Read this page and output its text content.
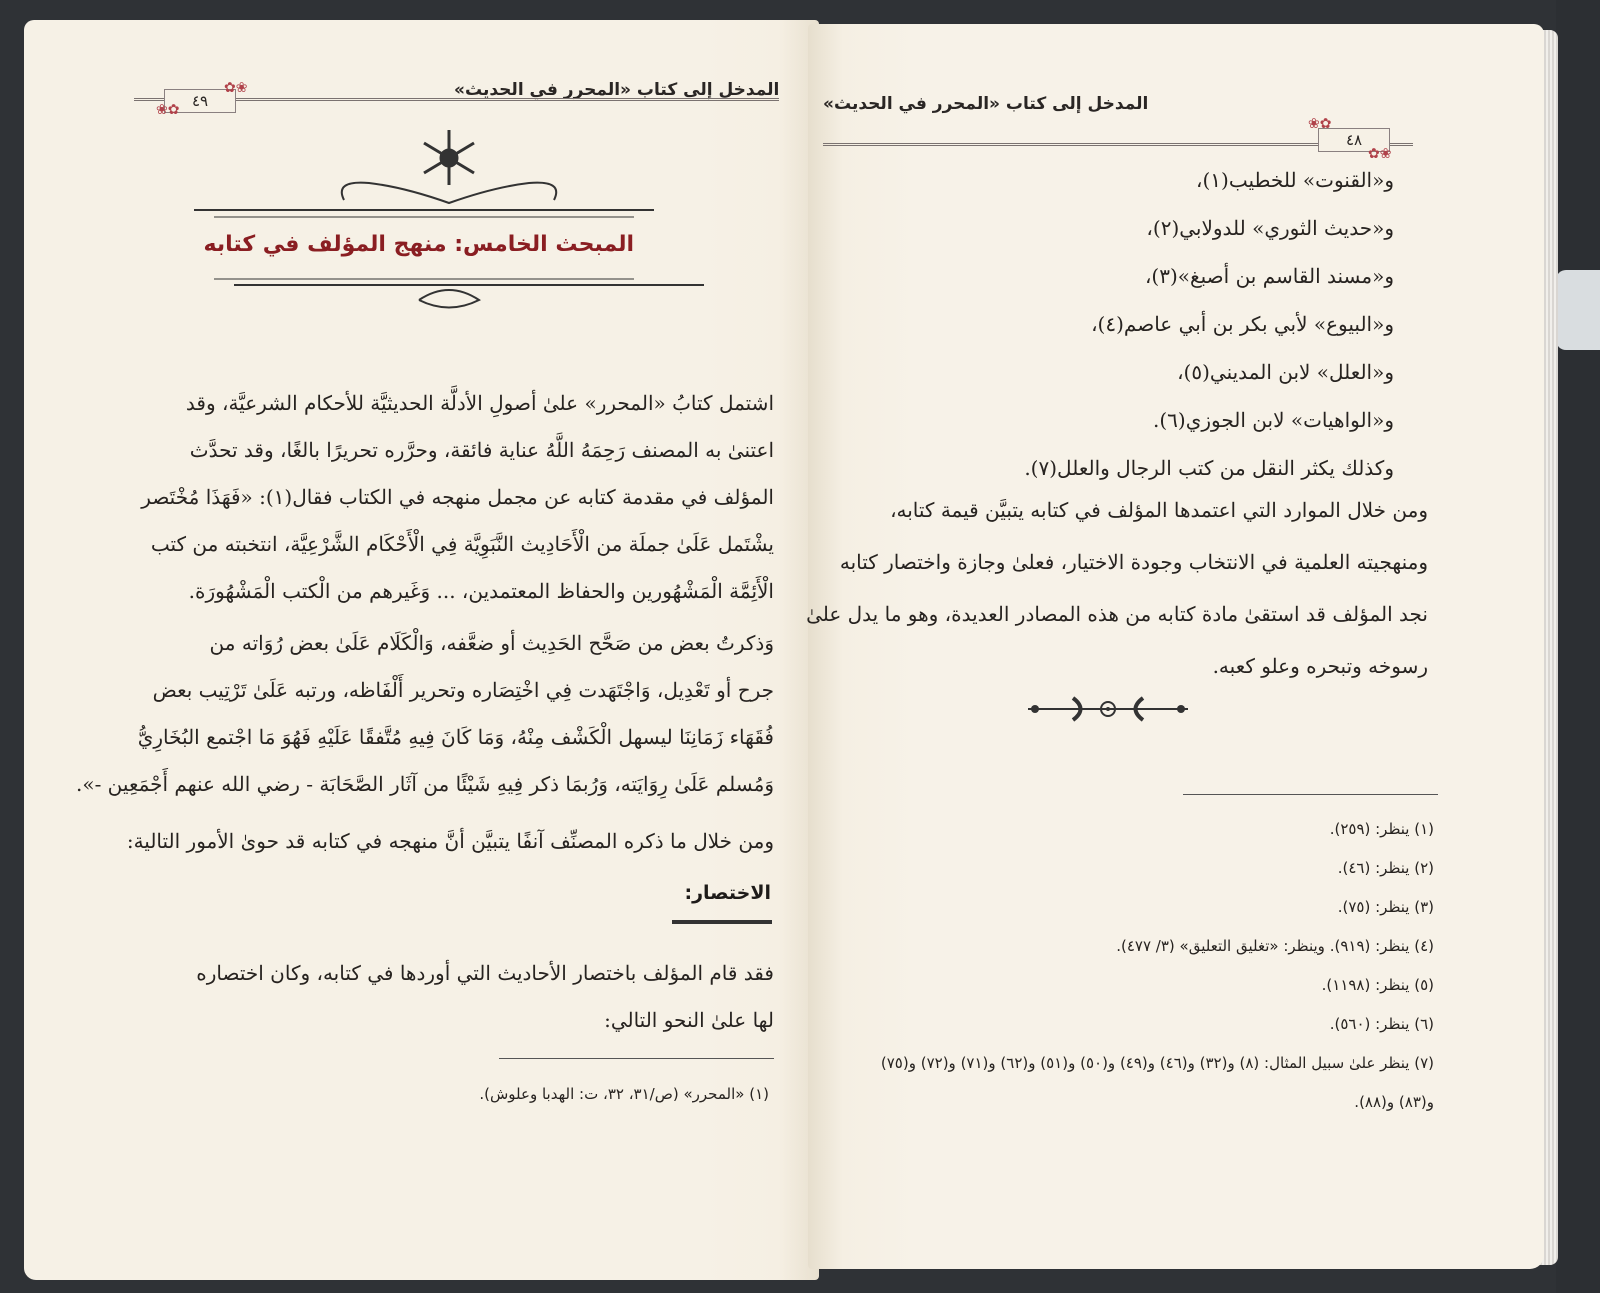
المدخل إلى كتاب «المحرر في الحديث»
٤٩
✿❀
❀✿
المبحث الخامس: منهج المؤلف في كتابه
اشتمل كتابُ «المحرر» علىٰ أصولِ الأدلَّة الحديثيَّة للأحكام الشرعيَّة، وقد
اعتنىٰ به المصنف رَحِمَهُ اللَّهُ عناية فائقة، وحرَّره تحريرًا بالغًا، وقد تحدَّث
المؤلف في مقدمة كتابه عن مجمل منهجه في الكتاب فقال(١): «فَهَذَا مُخْتَصر
يشْتَمل عَلَىٰ جملَة من الْأَحَادِيث النَّبَوِيَّة فِي الْأَحْكَام الشَّرْعِيَّة، انتخبته من كتب
الْأَئِمَّة الْمَشْهُورين والحفاظ المعتمدين، ... وَغَيرهم من الْكتب الْمَشْهُورَة.
وَذكرتُ بعض من صَحَّح الحَدِيث أو ضعَّفه، وَالْكَلَام عَلَىٰ بعض رُوَاته من
جرح أو تَعْدِيل، وَاجْتَهَدت فِي اخْتِصَاره وتحرير أَلْفَاظه، ورتبه عَلَىٰ تَرْتِيب بعض
فُقَهَاء زَمَانِنَا ليسهل الْكَشْف مِنْهُ، وَمَا كَانَ فِيهِ مُتَّفقًا عَلَيْهِ فَهُوَ مَا اجْتمع البُخَارِيُّ
وَمُسلم عَلَىٰ رِوَايَته، وَرُبمَا ذكر فِيهِ شَيْئًا من آثَار الصَّحَابَة - رضي الله عنهم أَجْمَعِين -».
ومن خلال ما ذكره المصنِّف آنفًا يتبيَّن أنَّ منهجه في كتابه قد حوىٰ الأمور التالية:
الاختصار:
فقد قام المؤلف باختصار الأحاديث التي أوردها في كتابه، وكان اختصاره
لها علىٰ النحو التالي:
(١) «المحرر» (ص/٣١، ٣٢، ت: الهدبا وعلوش).
المدخل إلى كتاب «المحرر في الحديث»
٤٨
✿❀
❀✿
و«القنوت» للخطيب(١)،
و«حديث الثوري» للدولابي(٢)،
و«مسند القاسم بن أصبغ»(٣)،
و«البيوع» لأبي بكر بن أبي عاصم(٤)،
و«العلل» لابن المديني(٥)،
و«الواهيات» لابن الجوزي(٦).
وكذلك يكثر النقل من كتب الرجال والعلل(٧).
ومن خلال الموارد التي اعتمدها المؤلف في كتابه يتبيَّن قيمة كتابه،
ومنهجيته العلمية في الانتخاب وجودة الاختيار، فعلىٰ وجازة واختصار كتابه
نجد المؤلف قد استقىٰ مادة كتابه من هذه المصادر العديدة، وهو ما يدل علىٰ
رسوخه وتبحره وعلو كعبه.
(١) ينظر: (٢٥٩).
(٢) ينظر: (٤٦).
(٣) ينظر: (٧٥).
(٤) ينظر: (٩١٩). وينظر: «تغليق التعليق» (٣/ ٤٧٧).
(٥) ينظر: (١١٩٨).
(٦) ينظر: (٥٦٠).
(٧) ينظر علىٰ سبيل المثال: (٨) و(٣٢) و(٤٦) و(٤٩) و(٥٠) و(٥١) و(٦٢) و(٧١) و(٧٢) و(٧٥)
و(٨٣) و(٨٨).
